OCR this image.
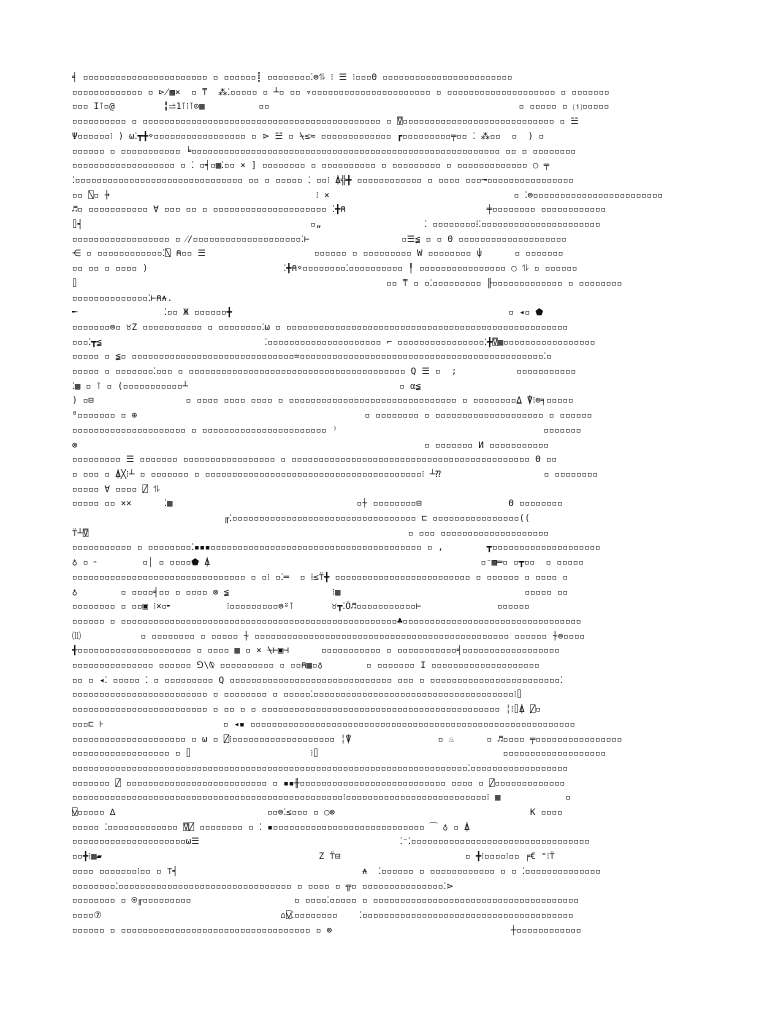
╡ ▫▫▫▫▫▫▫▫▫▫▫▫▫▫▫▫▫▫▫▫▫▫▫ ▫ ▫▫▫▫▫▫┋ ▫▫▫▫▫▫▫▫⁚⊜⥮ ⁝ ☰ ⁝▫▫▫Θ ▫▫▫▫▫▫▫▫▫▫▫▫▫▫▫▫▫▫▫▫▫▫▫▫
▫▫▫▫▫▫▫▫▫▫▫▫▫ ▫ ⋫▩⨯  ▫ ⍑  ⁂⁚▫▫▫▫▫ ▫ ┴▫ ▫▫ ▿▫▫▫▫▫▫▫▫▫▫▫▫▫▫▫▫▫▫▫▫▫▫ ▫ ▫▫▫▫▫▫▫▫▫▫▫▫▫▫▫▫▫▫▫▫ ▫ ▫▫▫▫▫▫▫
▫▫▫ I⊺▫@         ╏⥬1⊺⁝⊺⊙▦          ▫▫                                              ▫ ▫▫▫▫▫ ▫ ⑴▫▫▫▫▫
▫▫▫▫▫▫▫▫▫▫ ▫ ▫▫▫▫▫▫▫▫▫▫▫▫▫▫▫▫▫▫▫▫▫▫▫▫▫▫▫▫▫▫▫▫▫▫▫▫▫▫▫▫▫▫▫▫ ▫ ⍔▫▫▫▫▫▫▫▫▫▫▫▫▫▫▫▫▫▫▫▫▫▫▫▫▫▫▫▫ ▫ ☱
Ψ▫▫▫▫▫▫⁝ ) ω⁚┳╋⌔▫▫▫▫▫▫▫▫▫▫▫▫▫▫▫▫▫ ▫ ⋗ ☱ ▫ ⍀≤≈ ▫▫▫▫▫▫▫▫▫▫▫▫▫ ┏▫▫▫▫▫▫▫▫▫╤▫▫ ⁚ ⁂▫▫  ▫  ) ▫
▫▫▫▫▫▫ ▫ ▫▫▫▫▫▫▫▫▫▫▫ ╘▫▫▫▫▫▫▫▫▫▫▫▫▫▫▫▫▫▫▫▫▫▫▫▫▫▫▫▫▫▫▫▫▫▫▫▫▫▫▫▫▫▫▫▫▫▫▫▫▫▫▫▫▫▫▫▫▫ ▫▫ ▫ ▫▫▫▫▫▫▫▫
▫▫▫▫▫▫▫▫▫▫▫▫▫▫▫▫▫▫▫ ▫ ⁚ ▫┥▫▦⁚▫▫ ⨯ ] ▫▫▫▫▫▫▫▫ ▫ ▫▫▫▫▫▫▫▫▫▫ ▫ ▫▫▫▫▫▫▫▫▫ ▫ ▫▫▫▫▫▫▫▫▫▫▫▫▫ ○ ╤
⁚▫▫▫▫▫▫▫▫▫▫▫▫▫▫▫▫▫▫▫▫▫▫▫▫▫▫▫▫▫▫▫ ▫▫ ▫ ▫▫▫▫▫ ⁚ ▫▫⁝ ⍋╬╋ ▫▫▫▫▫▫▫▫▫▫▫▫ ▫ ▫▫▫▫ ▫▫▫╼▫▫▫▫▫▫▫▫▫▫▫▫▫▫▫▫
▫▫ ⍂▫ ⍆                                      ⁝ ⨯                                  ▫ ⁚⊜▫▫▫▫▫▫▫▫▫▫▫▫▫▫▫▫▫▫▫▫▫▫▫▫
♬▫ ▫▫▫▫▫▫▫▫▫▫▫ ∀ ▫▫▫ ▫▫ ▫ ▫▫▫▫▫▫▫▫▫▫▫▫▫▫▫▫▫▫▫▫▫ ⁚╋⍝                          ╪▫▫▫▫▫▫▫▫ ▫▫▫▫▫▫▫▫▫▫▫▫
⌷┥                                          ▫„                   ⁚ ▫▫▫▫▫▫▫▫⁞⁚▫▫▫▫▫▫▫▫▫▫▫▫▫▫▫▫▫▫▫▫▫▫
▫▫▫▫▫▫▫▫▫▫▫▫▫▫▫▫▫▫ ▫ ⁄/▫▫▫▫▫▫▫▫▫▫▫▫▫▫▫▫▫▫▫▫⁚⊢                 ▫☰≨ ▫ ▫ Θ ▫▫▫▫▫▫▫▫▫▫▫▫▫▫▫▫▫▫▫▫
⋲ ▫ ▫▫▫▫▫▫▫▫▫▫▫▫⁚⍂ ⍝▫▫ ☰                    ▫▫▫▫▫▫ ▫ ▫▫▫▫▫▫▫▫▫ W ▫▫▫▫▫▫▫▫ ⍦      ▫ ▫▫▫▫▫▫▫
▫▫ ▫▫ ▫ ▫▫▫▫ )                         ⁚╋⍝⌔▫▫▫▫▫▫▫▫⁚▫▫▫▫▫▫▫▫▫▫ ╿ ▫▫▫▫▫▫▫▫▫▫▫▫▫▫▫▫ ○ ⥮ ▫ ▫▫▫▫▫▫
⌷                                                         ▫▫ ⍑ ▫ ▫⁚▫▫▫▫▫▫▫▫▫ ╟▫▫▫▫▫▫▫▫▫▫▫▫▫ ▫ ▫▫▫▫▫▫▫▫
▫▫▫▫▫▫▫▫▫▫▫▫▫▫⁚⊢⍝⍲.
╾                ⁚▫▫ Ж ▫▫▫▫▫▫╋                                                   ▫ ◂▫ ⬟
▫▫▫▫▫▫▫⊜▫ ♉Z ▫▫▫▫▫▫▫▫▫▫▫ ▫ ▫▫▫▫▫▫▫▫⁚ω ▫ ▫▫▫▫▫▫▫▫▫▫▫▫▫▫▫▫▫▫▫▫▫▫▫▫▫▫▫▫▫▫▫▫▫▫▫▫▫▫▫▫▫▫▫▫▫▫▫▫▫▫▫▫
▫▫▫⁚┳≨                              ⁚▫▫▫▫▫▫▫▫▫▫▫▫▫▫▫▫▫▫▫▫▫ ⌐ ▫▫▫▫▫▫▫▫▫▫▫▫▫▫▫▫⁚╋⍔▦▫▫▫▫▫▫▫▫▫▫▫▫▫▫▫▫▫
▫▫▫▫▫ ▫ ≨▫ ▫▫▫▫▫▫▫▫▫▫▫▫▫▫▫▫▫▫▫▫▫▫▫▫▫▫▫▫▫▫=▫▫▫▫▫▫▫▫▫▫▫▫▫▫▫▫▫▫▫▫▫▫▫▫▫▫▫▫▫▫▫▫▫▫▫▫▫▫▫▫▫▫▫▫▫⁚▫
▫▫▫▫▫ ▫ ▫▫▫▫▫▫▫⁚▫▫▫ ▫ ▫▫▫▫▫▫▫▫▫▫▫▫▫▫▫▫▫▫▫▫▫▫▫▫▫▫▫▫▫▫▫▫▫▫▫▫▫▫▫▫ Q ☰ ▫  ;           ▫▫▫▫▫▫▫▫▫▫▫
⁚▦ ▫ ⊺ ▫ (▫▫▫▫▫▫▫▫▫▫▫┴                                       ▫ α≨
) ▫⊟                 ▫ ▫▫▫▫ ▫▫▫▫ ▫▫▫▫ ▫ ▫▫▫▫▫▫▫▫▫▫▫▫▫▫▫▫▫▫▫▫▫▫▫▫▫▫▫▫▫▫▫ ▫ ▫▫▫▫▫▫▫▫⍙ ⍒⁝⊜╕▫▫▫▫▫
⁰▫▫▫▫▫▫▫ ▫ ⊕                                          ▫ ▫▫▫▫▫▫▫▫ ▫ ▫▫▫▫▫▫▫▫▫▫▫▫▫▫▫▫▫▫▫▫ ▫ ▫▫▫▫▫▫
▫▫▫▫▫▫▫▫▫▫▫▫▫▫▫▫▫▫▫▫▫ ▫ ▫▫▫▫▫▫▫▫▫▫▫▫▫▫▫▫▫▫▫▫▫▫▫ ⁾                                      ▫▫▫▫▫▫▫
⊗                                                                ▫ ▫▫▫▫▫▫▫ И ▫▫▫▫▫▫▫▫▫▫▫
▫▫▫▫▫▫▫▫▫ ☰ ▫▫▫▫▫▫▫ ▫▫▫▫▫▫▫▫▫▫▫▫▫▫▫▫▫ ▫ ▫▫▫▫▫▫▫▫▫▫▫▫▫▫▫▫▫▫▫▫▫▫▫▫▫▫▫▫▫▫▫▫▫▫▫▫▫▫▫▫▫▫▫▫ Θ ▫▫
▫ ▫▫▫ ▫ ⍋╳⁝┴ ▫ ▫▫▫▫▫▫▫ ▫ ▫▫▫▫▫▫▫▫▫▫▫▫▫▫▫▫▫▫▫▫▫▫▫▫▫▫▫▫▫▫▫▫▫▫▫▫▫▫▫▫⁝ ┴⁇                   ▫ ▫▫▫▫▫▫▫▫
▫▫▫▫▫ ∀ ▫▫▫▫ ⍁ ⥮
▫▫▫▫▫ ▫▫ ⨯⨯      ⁚▦                                  ▫⍭ ▫▫▫▫▫▫▫▫⊟                Θ ▫▫▫▫▫▫▫▫
╓⁚▫▫▫▫▫▫▫▫▫▫▫▫▫▫▫▫▫▫▫▫▫▫▫▫▫▫▫▫▫▫▫▫▫▫ ⊏ ▫▫▫▫▫▫▫▫▫▫▫▫▫▫▫▫((
⍡┴⍔                                                           ▫ ▫▫▫ ▫▫▫▫▫▫▫▫▫▫▫▫▫▫▫▫▫▫▫▫
▫▫▫▫▫▫▫▫▫▫▫ ▫ ▫▫▫▫▫▫▫▫⁚▪▪▪▫▫▫▫▫▫▫▫▫▫▫▫▫▫▫▫▫▫▫▫▫▫▫▫▫▫▫▫▫▫▫▫▫▫▫▫▫▫▫ ▫ ,        ┳▫▫▫▫▫▫▫▫▫▫▫▫▫▫▫▫▫▫▫▫
♁ ▫ ╴        ▫│ ▫ ▫▫▫▫⬟ ⍋                                                  ▫⁻▩═▫ ▫┳▫▫  ▫ ▫▫▫▫▫
▫▫▫▫▫▫▫▫▫▫▫▫▫▫▫▫▫▫▫▫▫▫▫▫▫▫▫▫▫▫▫▫ ▫ ▫⁝ ▫⁚═  ▫ ⁞≤⍡╋ ▫▫▫▫▫▫▫▫▫▫▫▫▫▫▫▫▫▫▫▫▫▫▫▫▫ ▫ ▫▫▫▫▫▫ ▫ ▫▫▫▫ ▫
♁        ▫ ▫▫▫▫╡▫▫ ▫ ▫▫▫▫ ⊗ ≨                   ⁝▦                                  ▫▫▫▫▫ ▫▫
▫▫▫▫▫▫▫▫ ▫ ▫▫▣ ⁝⨯▫╸          ⁝▫▫▫▫▫▫▫▫▫⊜⍤⊺       ♉┳⁚Ö♬▫▫▫▫▫▫▫▫▫▫▫⊢              ▫▫▫▫▫▫
▫▫▫▫▫▫ ▫ ▫▫▫▫▫▫▫▫▫▫▫▫▫▫▫▫▫▫▫▫▫▫▫▫▫▫▫▫▫▫▫▫▫▫▫▫▫▫▫▫▫▫▫▫▫▫▫▫▫▫▫♣▫▫▫▫▫▫▫▫▫▫▫▫▫▫▫▫▫▫▫▫▫▫▫▫▫▫▫▫▫▫▫▫▫
⑾           ▫ ▫▫▫▫▫▫▫▫ ▫ ▫▫▫▫▫ ⍭ ▫▫▫▫▫▫▫▫▫▫▫▫▫▫▫▫▫▫▫▫▫▫▫▫▫▫▫▫▫▫▫▫▫▫▫▫▫▫▫▫▫▫▫▫▫▫▫ ▫▫▫▫▫▫ ⍭⊜▫▫▫▫
╉▫▫▫▫▫▫▫▫▫▫▫▫▫▫▫▫▫▫▫▫▫ ▫ ▫▫▫▫ ▦ ▫ ⨯ ⍀⊢▣⊣      ▫▫▫▫▫▫▫▫▫▫▫ ▫ ▫▫▫▫▫▫▫▫▫▫▫╡▫▫▫▫▫▫▫▫▫▫▫▫▫▫▫▫▫▫
▫▫▫▫▫▫▫▫▫▫▫▫▫▫▫ ▫▫▫▫▫▫ ⅁\⍉ ▫▫▫▫▫▫▫▫▫▫ ▫ ▫▫⍝▦▫♁        ▫ ▫▫▫▫▫▫▫ I ▫▫▫▫▫▫▫▫▫▫▫▫▫▫▫▫▫▫▫▫
▫▫ ▫ ◂⁚ ▫▫▫▫▫ ⁚ ▫ ▫▫▫▫▫▫▫▫▫ Q ▫▫▫▫▫▫▫▫▫▫▫▫▫▫▫▫▫▫▫▫▫▫▫▫▫▫▫▫▫▫ ▫▫▫ ▫ ▫▫▫▫▫▫▫▫▫▫▫▫▫▫▫▫▫▫▫▫▫▫▫▫⁚
▫▫▫▫▫▫▫▫▫▫▫▫▫▫▫▫▫▫▫▫▫▫▫▫▫ ▫ ▫▫▫▫▫▫▫▫ ▫ ▫▫▫▫▫⁚▫▫▫▫▫▫▫▫▫▫▫▫▫▫▫▫▫▫▫▫▫▫▫▫▫▫▫▫▫▫▫▫▫▫▫▫▫⁝⌷
▫▫▫▫▫▫▫▫▫▫▫▫▫▫▫▫▫▫▫▫▫▫▫▫▫ ▫ ▫▫ ▫ ▫ ▫▫▫▫▫▫▫▫▫▫▫▫▫▫▫▫▫▫▫▫▫▫▫▫▫▫▫▫▫▫▫▫▫▫▫▫▫▫▫▫▫▫▫▫ ╎⁝⌷⍋ ⍁▫
▫▫▫⊏ ⊦                      ▫ ◂▪ ▫▫▫▫▫▫▫▫▫▫▫▫▫▫▫▫▫▫▫▫▫▫▫▫▫▫▫▫▫▫▫▫▫▫▫▫▫▫▫▫▫▫▫▫▫▫▫▫▫▫▫▫▫▫▫▫▫▫▫▫
▫▫▫▫▫▫▫▫▫▫▫▫▫▫▫▫▫▫▫▫▫ ▫ ω ▫ ⍁⁝▫▫▫▫▫▫▫▫▫▫▫▫▫▫▫▫▫▫▫ ╎⍒                ▫ ♨      ▫ ♬▫▫▫▫ ╤▫▫▫▫▫▫▫▫▫▫▫▫▫▫▫▫
▫▫▫▫▫▫▫▫▫▫▫▫▫▫▫▫▫▫ ▫ ⌷                      ⁝⌷                                  ▫▫▫▫▫▫▫▫▫▫▫▫▫▫▫▫▫▫▫
▫▫▫▫▫▫▫▫▫▫▫▫▫▫▫▫▫▫▫▫▫▫▫▫▫▫▫▫▫▫▫▫▫▫▫▫▫▫▫▫▫▫▫▫▫▫▫▫▫▫▫▫▫▫▫▫▫▫▫▫▫▫▫▫▫▫▫▫▫▫▫▫▫⁚▫▫▫▫▫▫▫▫▫▫▫▫▫▫▫▫▫▫
▫▫▫▫▫▫▫ ⍁ ▫▫▫▫▫▫▫▫▫▫▫▫▫▫▫▫▫▫▫▫▫▫▫▫▫▫ ▫ ▪▪╫▫▫▫▫▫▫▫▫▫▫▫▫▫▫▫▫▫▫▫▫▫▫▫▫▫▫▫ ▫▫▫▫ ▫ ⍁▫▫▫▫▫▫▫▫▫▫▫▫▫
▫▫▫▫▫▫▫▫▫▫▫▫▫▫▫▫▫▫▫▫▫▫▫▫▫▫▫▫▫▫▫▫▫▫▫▫▫▫▫▫▫▫▫▫▫▫▫▫▫▫⁝▫▫▫▫▫▫▫▫▫▫▫▫▫▫▫▫▫▫▫▫▫▫▫▫▫▫⁝ ▦            ▫
⍌▫▫▫▫▫ ∆                            ▫▫⊜⁚≤▫▫▫ ▫ ○⊗                                    K ▫▫▫▫
▫▫▫▫▫ ⁚▫▫▫▫▫▫▫▫▫▫▫▫▫ ⍔⍁ ▫▫▫▫▫▫▫▫ ▫ ⁚ ▪▫▫▫▫▫▫▫▫▫▫▫▫▫▫▫▫▫▫▫▫▫▫▫▫▫▫▫▫ ⁀ ♁ ▫ ⍋
▫▫▫▫▫▫▫▫▫▫▫▫▫▫▫▫▫▫▫▫▫ω☰                                     ⁚⁻⁚▫▫▫▫▫▫▫▫▫▫▫▫▫▫▫▫▫▫▫▫▫▫▫▫▫▫▫▫▫▫▫▫▫
▫▫╋⁝▦▰                                        Z ⍡⊟                       ▫ ╋⁝▫▫▫▫⁝▫▫ ╒€ ⁼⁝⍡
▫▫▫▫ ▫▫▫▫▫▫▫⁝▫▫ ▫ ⊤┥                                  ⍲  ⁚▫▫▫▫▫▫ ▫ ▫▫▫▫▫▫▫▫▫▫▫▫ ▫ ▫ ⁚▫▫▫▫▫▫▫▫▫▫▫▫▫▫
▫▫▫▫▫▫▫▫⁚▫▫▫▫▫▫▫▫▫▫▫▫▫▫▫▫▫▫▫▫▫▫▫▫▫▫▫▫▫▫▫▫ ▫ ▫▫▫▫ ▫ ╦▫ ▫▫▫▫▫▫▫▫▫▫▫▫▫▫▫⁚⋗
▫▫▫▫▫▫▫▫ ▫ ⍟╓▫▫▫▫▫▫▫▫▫                   ▫ ▫▫▫▫⁚▫▫▫▫▫ ▫ ▫▫▫▫▫▫▫▫▫▫▫▫▫▫▫▫▫▫▫▫▫▫▫▫▫▫▫▫▫▫▫▫▫▫▫▫▫▫
▫▫▫▫⑦                                 ⌂⍌⁚▫▫▫▫▫▫▫▫    ⁚▫▫▫▫▫▫▫▫▫▫▫▫▫▫▫▫▫▫▫▫▫▫▫▫▫▫▫▫▫▫▫▫▫▫▫▫▫▫▫
▫▫▫▫▫▫ ▫ ▫▫▫▫▫▫▫▫▫▫▫▫▫▫▫▫▫▫▫▫▫▫▫▫▫▫▫▫▫▫▫▫▫▫▫ ▫ ⊗                                 ┼▫▫▫▫▫▫▫▫▫▫▫▫
